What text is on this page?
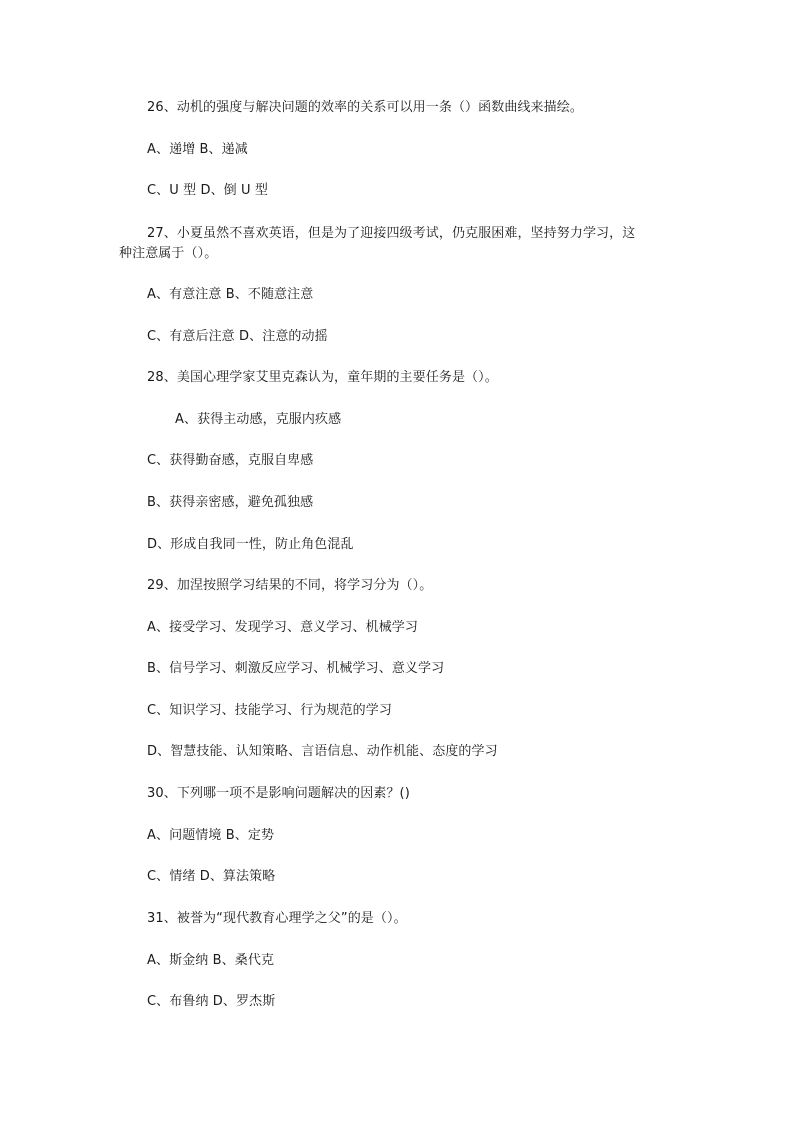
26、动机的强度与解决问题的效率的关系可以用一条（）函数曲线来描绘。
A、递增 B、递减
C、U 型 D、倒 U 型
27、小夏虽然不喜欢英语，但是为了迎接四级考试，仍克服困难，坚持努力学习，这
种注意属于（）。
A、有意注意 B、不随意注意
C、有意后注意 D、注意的动摇
28、美国心理学家艾里克森认为，童年期的主要任务是（）。
A、获得主动感，克服内疚感
C、获得勤奋感，克服自卑感
B、获得亲密感，避免孤独感
D、形成自我同一性，防止角色混乱
29、加涅按照学习结果的不同，将学习分为（）。
A、接受学习、发现学习、意义学习、机械学习
B、信号学习、刺激反应学习、机械学习、意义学习
C、知识学习、技能学习、行为规范的学习
D、智慧技能、认知策略、言语信息、动作机能、态度的学习
30、下列哪一项不是影响问题解决的因素？()
A、问题情境 B、定势
C、情绪 D、算法策略
31、被誉为“现代教育心理学之父”的是（）。
A、斯金纳 B、桑代克
C、布鲁纳 D、罗杰斯
